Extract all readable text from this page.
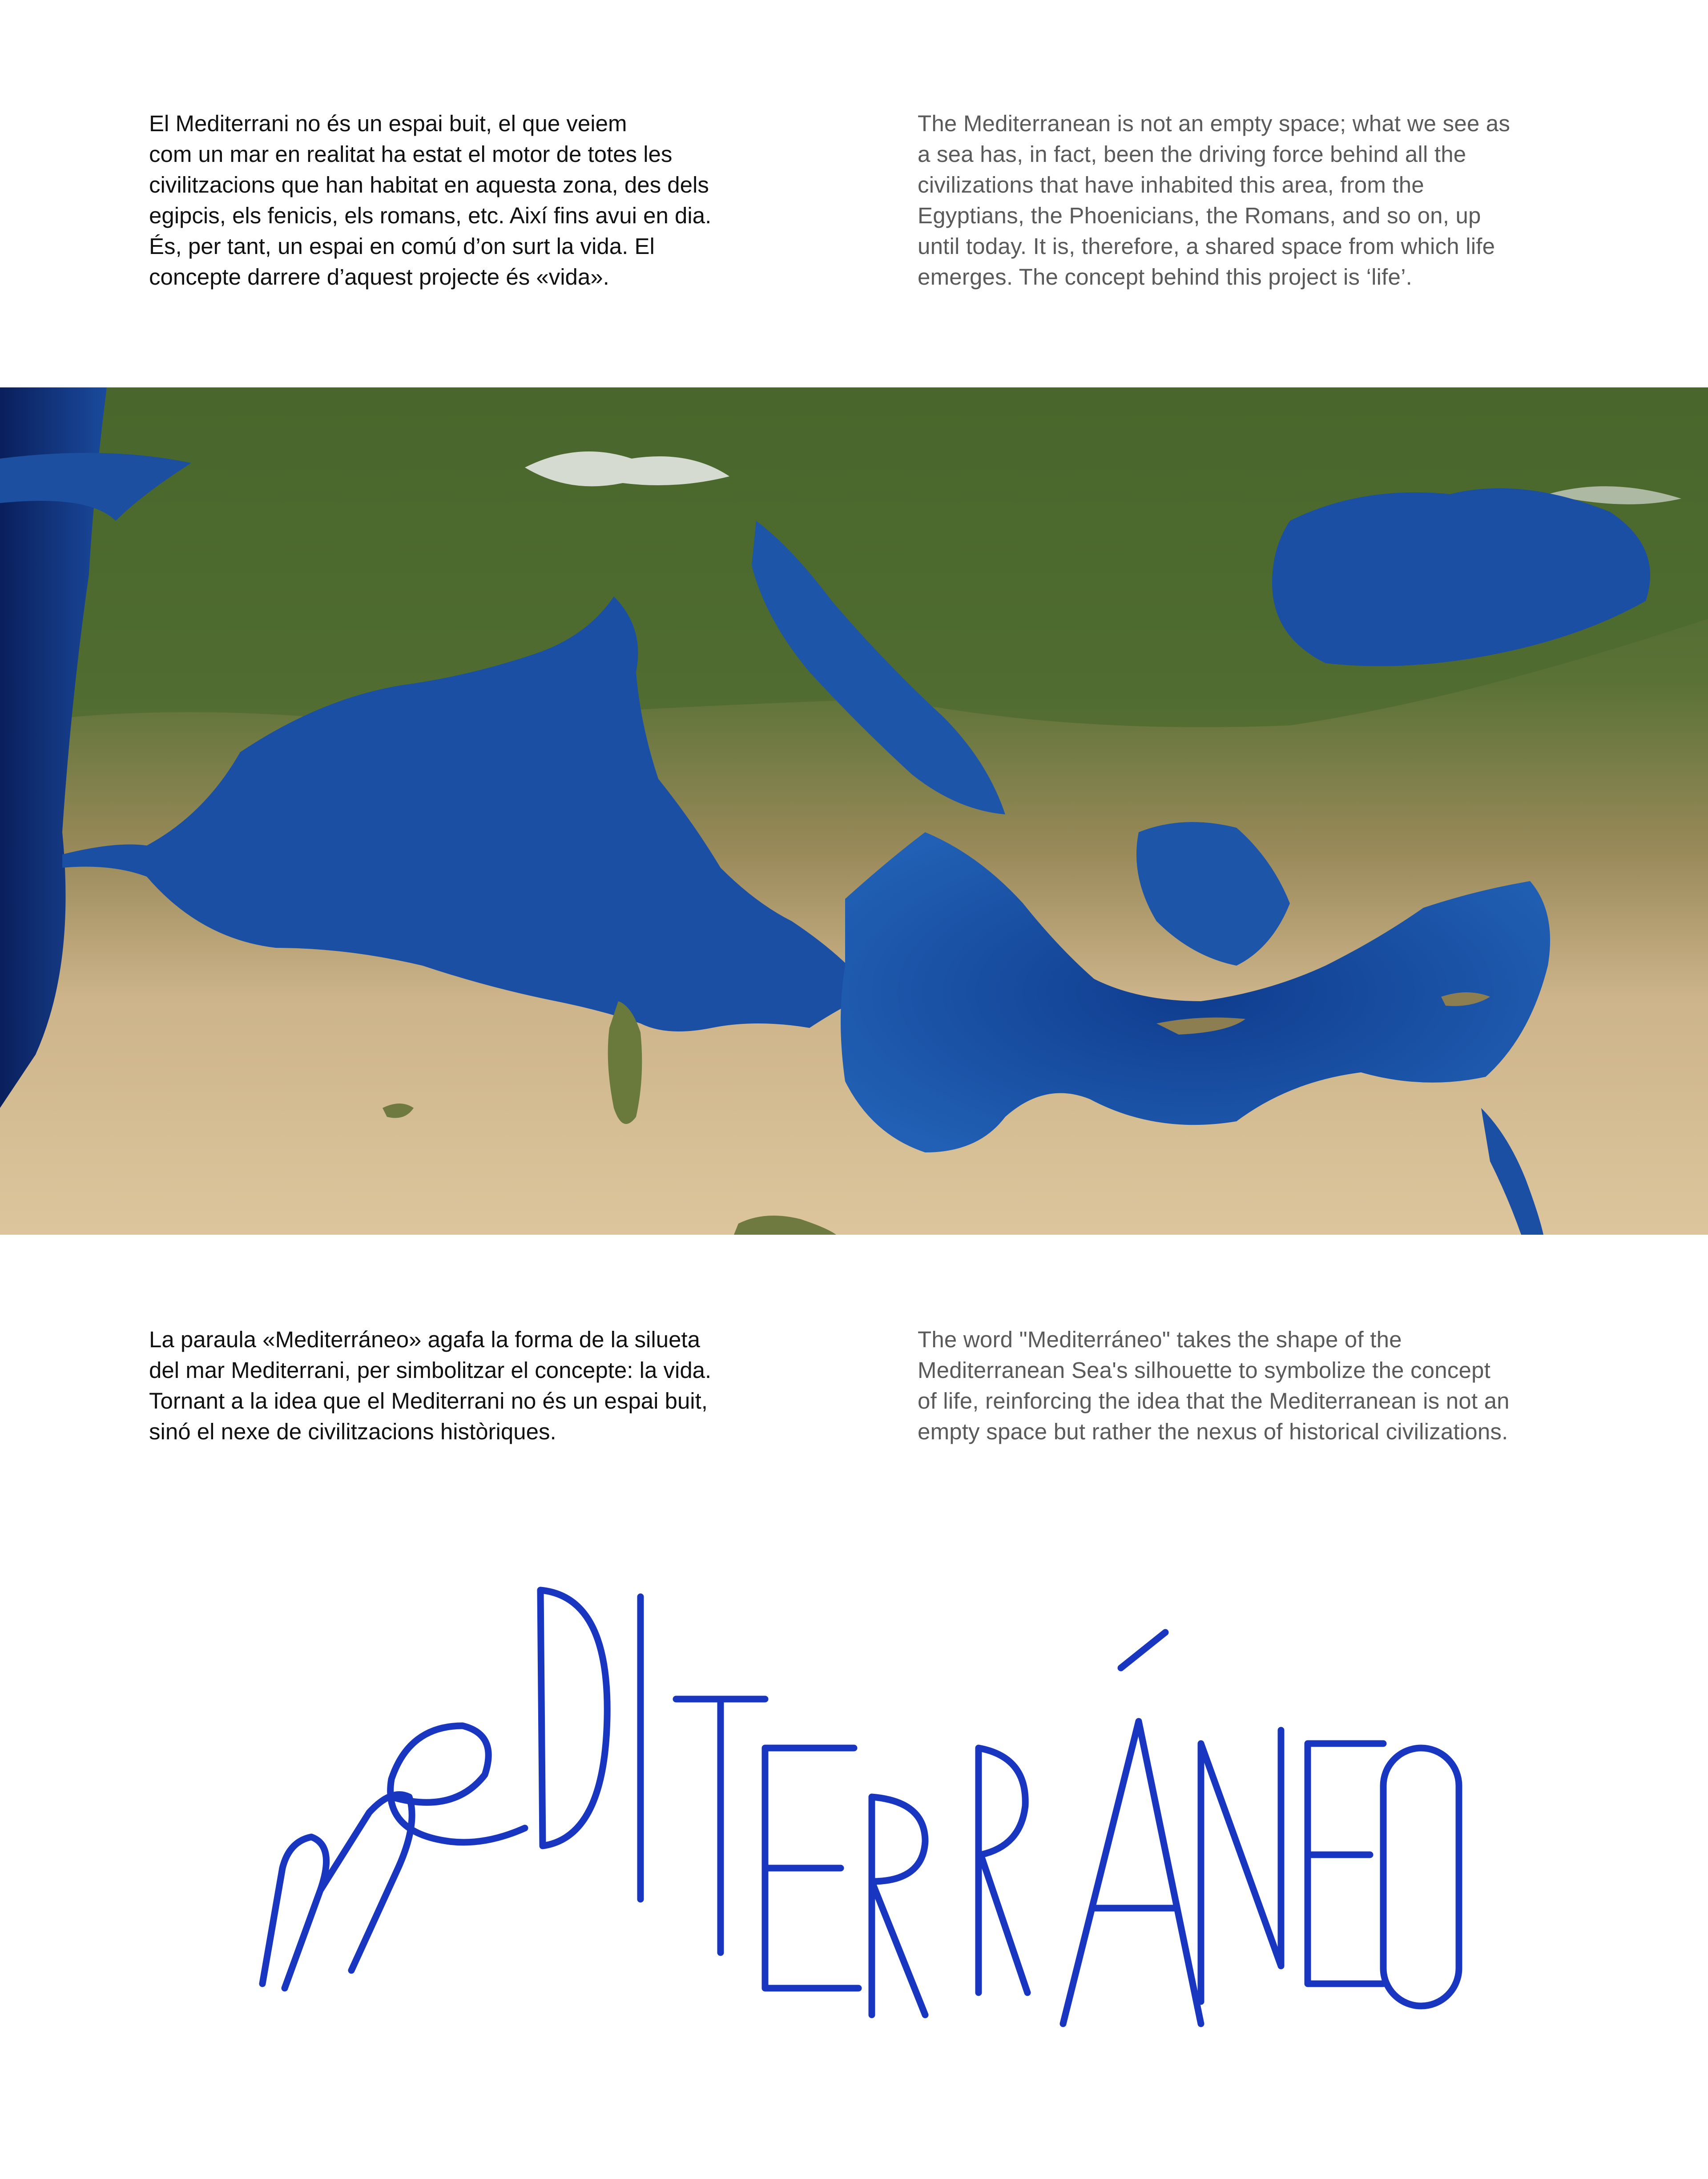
El Mediterrani no és un espai buit, el que veiem
com un mar en realitat ha estat el motor de totes les
civilitzacions que han habitat en aquesta zona, des dels
egipcis, els fenicis, els romans, etc. Així fins avui en dia.
És, per tant, un espai en comú d’on surt la vida. El
concepte darrere d’aquest projecte és «vida».
The Mediterranean is not an empty space; what we see as
a sea has, in fact, been the driving force behind all the
civilizations that have inhabited this area, from the
Egyptians, the Phoenicians, the Romans, and so on, up
until today. It is, therefore, a shared space from which life
emerges. The concept behind this project is ‘life’.
La paraula «Mediterráneo» agafa la forma de la silueta
del mar Mediterrani, per simbolitzar el concepte: la vida.
Tornant a la idea que el Mediterrani no és un espai buit,
sinó el nexe de civilitzacions històriques.
The word "Mediterráneo" takes the shape of the
Mediterranean Sea's silhouette to symbolize the concept
of life, reinforcing the idea that the Mediterranean is not an
empty space but rather the nexus of historical civilizations.
